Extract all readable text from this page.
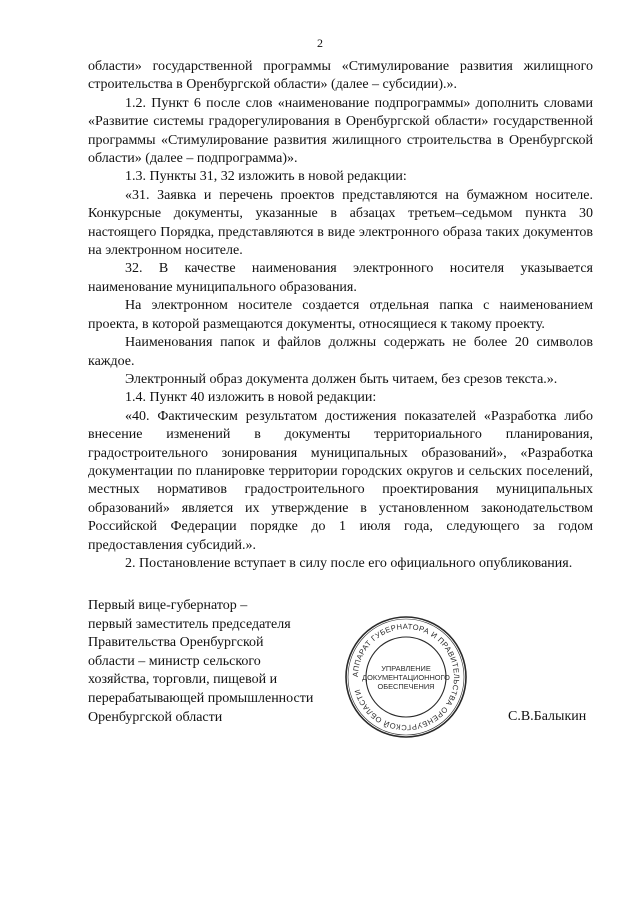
2

области» государственной программы «Стимулирование развития жилищного строительства в Оренбургской области» (далее – субсидии).».

1.2. Пункт 6 после слов «наименование подпрограммы» дополнить словами «Развитие системы градорегулирования в Оренбургской области» государственной программы «Стимулирование развития жилищного строительства в Оренбургской области» (далее – подпрограмма)».

1.3. Пункты 31, 32 изложить в новой редакции:

«31. Заявка и перечень проектов представляются на бумажном носителе. Конкурсные документы, указанные в абзацах третьем–седьмом пункта 30 настоящего Порядка, представляются в виде электронного образа таких документов на электронном носителе.

32. В качестве наименования электронного носителя указывается наименование муниципального образования.

На электронном носителе создается отдельная папка с наименованием проекта, в которой размещаются документы, относящиеся к такому проекту.

Наименования папок и файлов должны содержать не более 20 символов каждое.

Электронный образ документа должен быть читаем, без срезов текста.».

1.4. Пункт 40 изложить в новой редакции:

«40. Фактическим результатом достижения показателей «Разработка либо внесение изменений в документы территориального планирования, градостроительного зонирования муниципальных образований», «Разработка документации по планировке территории городских округов и сельских поселений, местных нормативов градостроительного проектирования муниципальных образований» является их утверждение в установленном законодательством Российской Федерации порядке до 1 июля года, следующего за годом предоставления субсидий.».

2. Постановление вступает в силу после его официального опубликования.

Первый вице-губернатор –
первый заместитель председателя
Правительства Оренбургской
области – министр сельского
хозяйства, торговли, пищевой и
перерабатывающей промышленности
Оренбургской области	С.В.Балыкин
АППАРАТ ГУБЕРНАТОРА И ПРАВИТЕЛЬСТВА ОРЕНБУРГСКОЙ ОБЛАСТИ
УПРАВЛЕНИЕ
ДОКУМЕНТАЦИОННОГО
ОБЕСПЕЧЕНИЯ
